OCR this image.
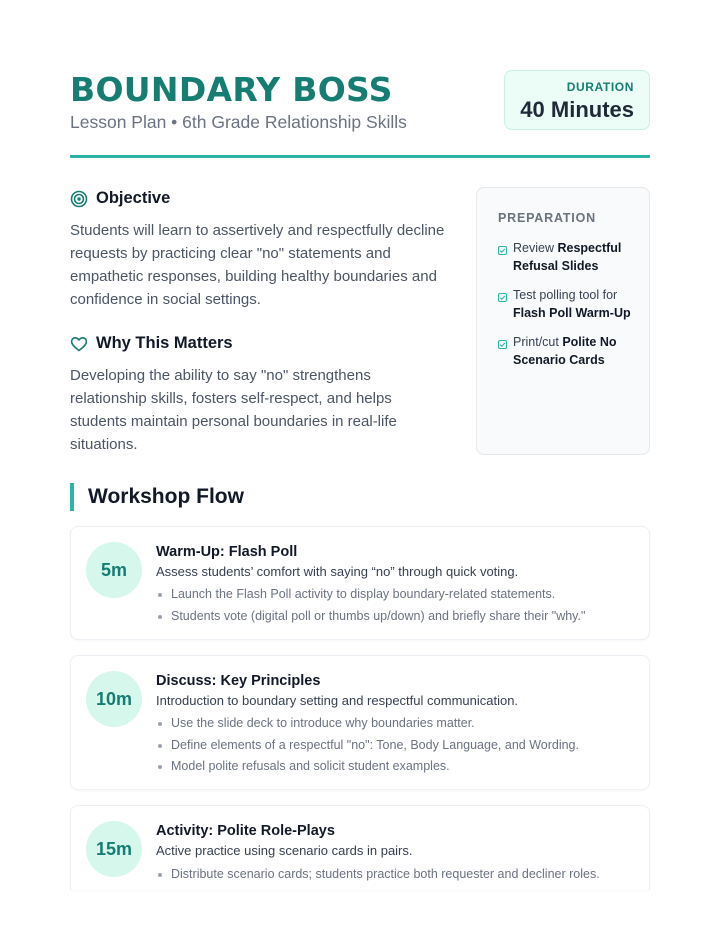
BOUNDARY BOSS
Lesson Plan • 6th Grade Relationship Skills
DURATION
40 Minutes
Objective

Students will learn to assertively and respectfully decline requests by practicing clear "no" statements and empathetic responses, building healthy boundaries and confidence in social settings.

Why This Matters

Developing the ability to say "no" strengthens relationship skills, fosters self-respect, and helps students maintain personal boundaries in real-life situations.

PREPARATION
Review Respectful Refusal Slides
Test polling tool for Flash Poll Warm-Up
Print/cut Polite No Scenario Cards
Workshop Flow
5m
Warm-Up: Flash Poll
Assess students’ comfort with saying “no” through quick voting.
Launch the Flash Poll activity to display boundary-related statements.
Students vote (digital poll or thumbs up/down) and briefly share their "why."
10m
Discuss: Key Principles
Introduction to boundary setting and respectful communication.
Use the slide deck to introduce why boundaries matter.
Define elements of a respectful "no": Tone, Body Language, and Wording.
Model polite refusals and solicit student examples.
15m
Activity: Polite Role-Plays
Active practice using scenario cards in pairs.
Distribute scenario cards; students practice both requester and decliner roles.
